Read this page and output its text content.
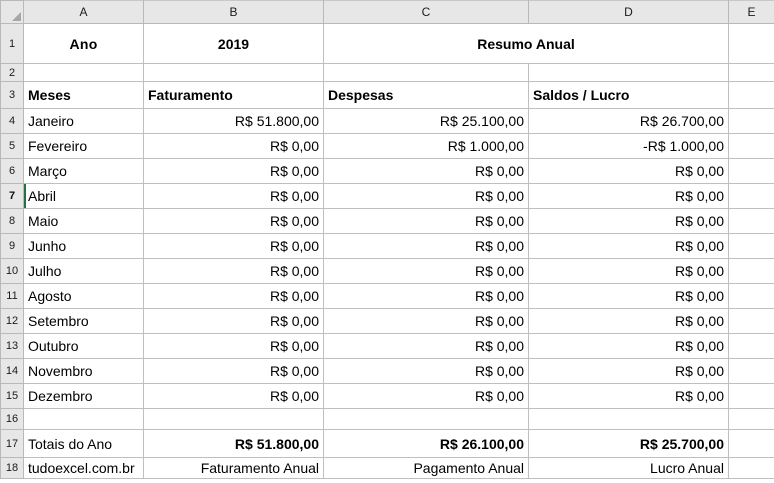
	A	B	C	D	E
1	Ano	2019	Resumo Anual		
2					
3	Meses	Faturamento	Despesas	Saldos / Lucro	
4	Janeiro	R$ 51.800,00	R$ 25.100,00	R$ 26.700,00	
5	Fevereiro	R$ 0,00	R$ 1.000,00	-R$ 1.000,00	
6	Março	R$ 0,00	R$ 0,00	R$ 0,00	
7	Abril	R$ 0,00	R$ 0,00	R$ 0,00	
8	Maio	R$ 0,00	R$ 0,00	R$ 0,00	
9	Junho	R$ 0,00	R$ 0,00	R$ 0,00	
10	Julho	R$ 0,00	R$ 0,00	R$ 0,00	
11	Agosto	R$ 0,00	R$ 0,00	R$ 0,00	
12	Setembro	R$ 0,00	R$ 0,00	R$ 0,00	
13	Outubro	R$ 0,00	R$ 0,00	R$ 0,00	
14	Novembro	R$ 0,00	R$ 0,00	R$ 0,00	
15	Dezembro	R$ 0,00	R$ 0,00	R$ 0,00	
16					
17	Totais do Ano	R$ 51.800,00	R$ 26.100,00	R$ 25.700,00	
18	tudoexcel.com.br	Faturamento Anual	Pagamento Anual	Lucro Anual	
